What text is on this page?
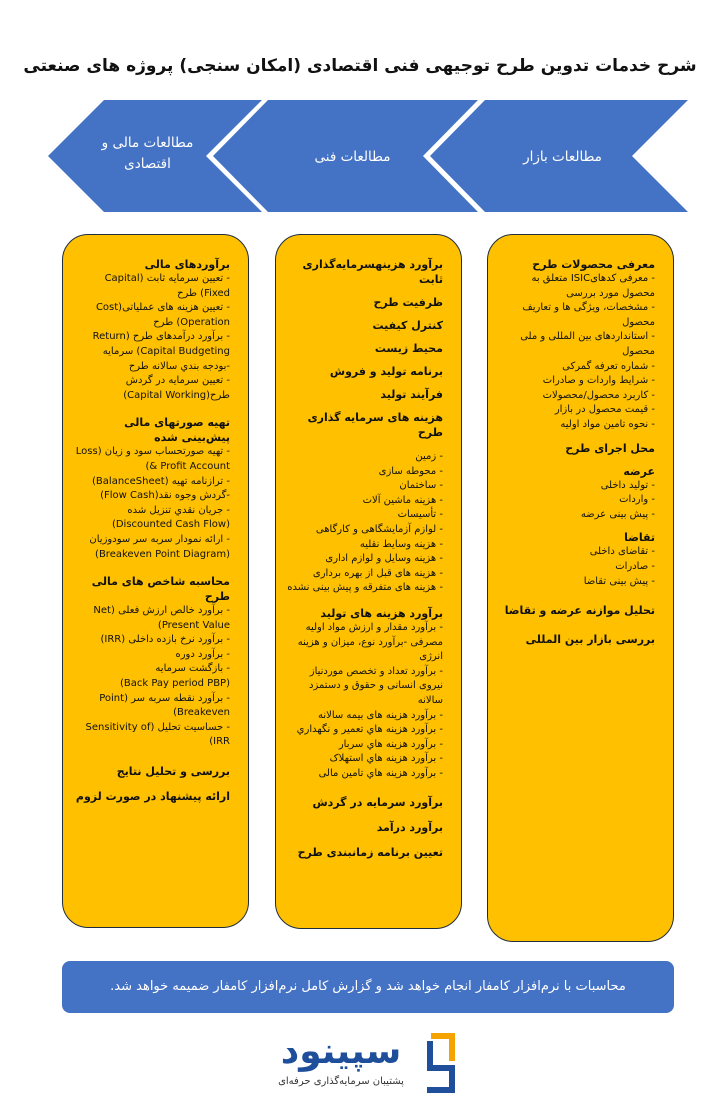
شرح خدمات تدوین طرح توجیهی فنی اقتصادی (امکان سنجی) پروژه های صنعتی
مطالعات بازار
مطالعات فنی
مطالعات مالی و
اقتصادی
معرفی محصولات طرح
- معرفی کدهایISIC متعلق به محصول مورد بررسی
- مشخصات، ویژگی ها و تعاریف محصول
- استانداردهای بین المللی و ملی محصول
- شماره تعرفه گمرکی
- شرایط واردات و صادرات
- کاربرد محصول/محصولات
- قیمت محصول در بازار
- نحوه تامین مواد اولیه
محل اجرای طرح
عرضه
- تولید داخلی
- واردات
- پیش بینی عرضه
تقاضا
- تقاضای داخلی
- صادرات
- پیش بینی تقاضا
تحلیل موازنه عرضه و تقاضا
بررسی بازار بین المللی
برآورد هزینهسرمایه‌گذاری ثابت
ظرفیت طرح
کنترل کیفیت
محیط زیست
برنامه تولید و فروش
فرآیند تولید
هزینه های سرمایه گذاری طرح
- زمین
- محوطه سازی
- ساختمان
- هزینه ماشین آلات
- تأسیسات
- لوازم آزمایشگاهی و کارگاهی
- هزینه وسایط نقلیه
- هزینه وسایل و لوازم اداری
- هزینه های قبل از بهره برداری
- هزینه های متفرقه و پیش بینی نشده
برآورد هزینه های تولید
- برآورد مقدار و ارزش مواد اولیه مصرفی -برآورد نوع، میزان و هزینه انرژی
- برآورد تعداد و تخصص موردنیاز نیروی انسانی و حقوق و دستمزد سالانه
- برآورد هزینه های بیمه سالانه
- برآورد هزینه هاي تعمیر و نگهداري
- برآورد هزینه هاي سربار
- برآورد هزینه هاي استهلاک
- برآورد هزینه هاي تامین مالی
برآورد سرمایه در گردش
برآورد درآمد
تعیین برنامه زمانبندی طرح
برآوردهای مالی
- تعیین سرمایه ثابت (Capital Fixed) طرح
- تعیین هزینه های عملیاتی(Cost Operation) طرح
- برآورد درآمدهای طرح (Return Capital Budgeting) سرمایه
-بودجه بندي سالانه طرح
- تعیین سرمایه در گردش طرح(Capital Working)
تهیه صورتهای مالی پیش‌بینی شده
- تهیه صورتحساب سود و زیان (Loss & Profit Account)
- ترازنامه تهیه (BalanceSheet)
-گردش وجوه نقد(Flow Cash)
- جریان نقدي تنزیل شده (Discounted Cash Flow)
- ارائه نمودار سربه سر سودوزیان (Breakeven Point Diagram)
محاسبه شاخص های مالی طرح
- برآورد خالص ارزش فعلی (Net Present Value)
- برآورد نرخ بازده داخلی (IRR)
- برآورد دوره
- بازگشت سرمایه
(Back Pay period PBP)
- برآورد نقطه سربه سر (Point Breakeven)
- حساسیت تحلیل (Sensitivity of IRR)
بررسی و تحلیل نتایج
ارائه پیشنهاد در صورت لزوم
محاسبات با نرم‌افزار کامفار انجام خواهد شد و گزارش کامل نرم‌افزار کامفار ضمیمه خواهد شد.
سپینود
پشتیبان سرمایه‌گذاری حرفه‌ای
